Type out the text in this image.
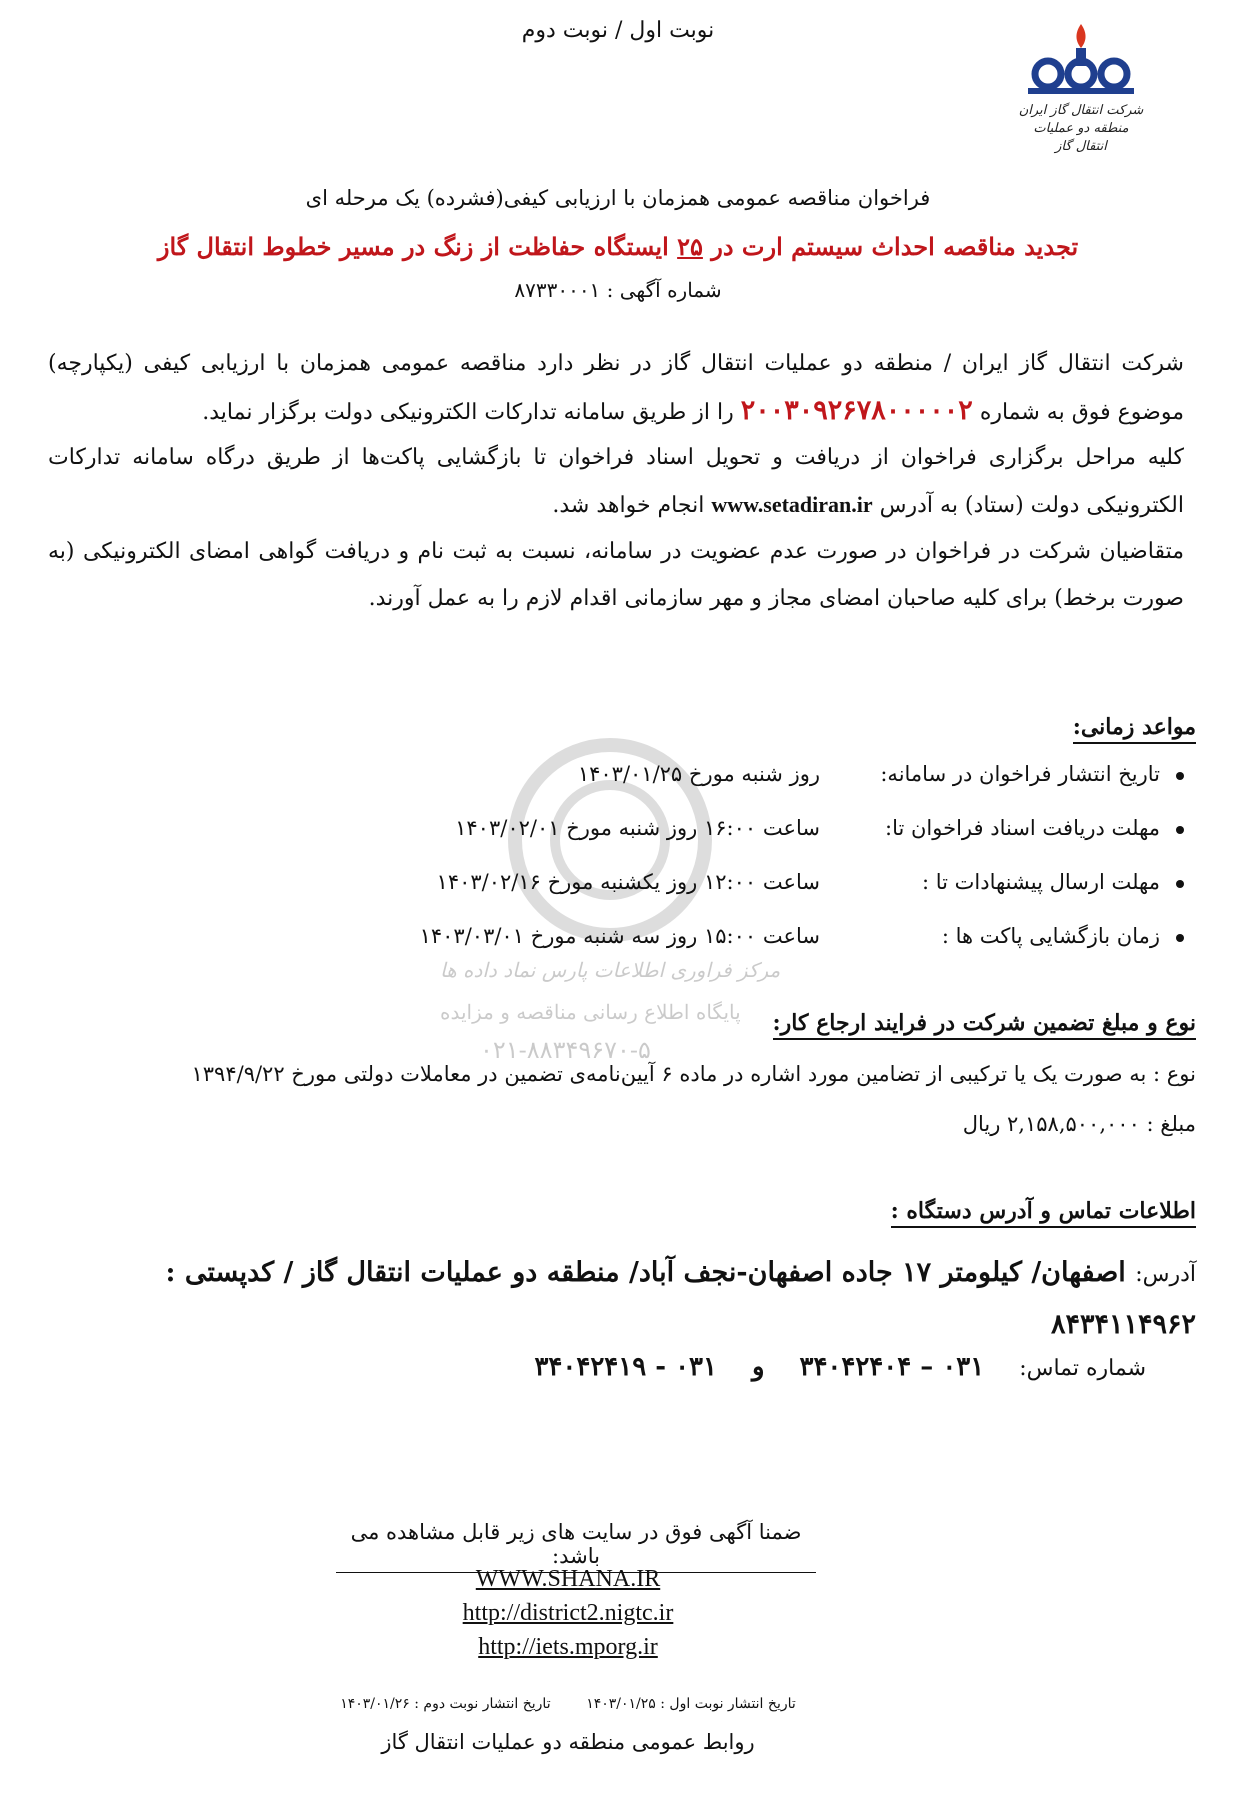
شرکت انتقال گاز ایران
منطقه دو عملیات انتقال گاز
نوبت اول / نوبت دوم
مرکز فراوری اطلاعات پارس نماد داده ها
پایگاه اطلاع رسانی مناقصه و مزایده
۰۲۱-۸۸۳۴۹۶۷۰-۵
فراخوان مناقصه عمومی همزمان با ارزیابی کیفی(فشرده) یک مرحله ای
تجدید مناقصه احداث سیستم ارت در ۲۵ ایستگاه حفاظت از زنگ در مسیر خطوط انتقال گاز
شماره آگهی : ۸۷۳۳۰۰۰۱
شرکت انتقال گاز ایران / منطقه دو عملیات انتقال گاز در نظر دارد مناقصه عمومی همزمان با ارزیابی کیفی (یکپارچه) موضوع فوق به شماره ۲۰۰۳۰۹۲۶۷۸۰۰۰۰۰۲ را از طریق سامانه تدارکات الکترونیکی دولت برگزار نماید.
کلیه مراحل برگزاری فراخوان از دریافت و تحویل اسناد فراخوان تا بازگشایی پاکت‌ها از طریق درگاه سامانه تدارکات الکترونیکی دولت (ستاد) به آدرس www.setadiran.ir انجام خواهد شد.
متقاضیان شرکت در فراخوان در صورت عدم عضویت در سامانه، نسبت به ثبت نام و دریافت گواهی امضای الکترونیکی (به صورت برخط) برای کلیه صاحبان امضای مجاز و مهر سازمانی اقدام لازم را به عمل آورند.
مواعد زمانی:
تاریخ انتشار فراخوان در سامانه:روز شنبه مورخ ۱۴۰۳/۰۱/۲۵
مهلت دریافت اسناد فراخوان تا:ساعت ۱۶:۰۰ روز شنبه مورخ ۱۴۰۳/۰۲/۰۱
مهلت ارسال پیشنهادات تا :ساعت ۱۲:۰۰ روز یکشنبه مورخ ۱۴۰۳/۰۲/۱۶
زمان بازگشایی پاکت ها :ساعت ۱۵:۰۰ روز سه شنبه مورخ ۱۴۰۳/۰۳/۰۱
نوع و مبلغ تضمین شرکت در فرایند ارجاع کار:
نوع : به صورت یک یا ترکیبی از تضامین مورد اشاره در ماده ۶ آیین‌نامه‌ی تضمین در معاملات دولتی مورخ ۱۳۹۴/۹/۲۲
مبلغ : ۲,۱۵۸,۵۰۰,۰۰۰ ریال
اطلاعات تماس و آدرس دستگاه :
آدرس: اصفهان/ کیلومتر ۱۷ جاده اصفهان-نجف آباد/ منطقه دو عملیات انتقال گاز / کدپستی : ۸۴۳۴۱۱۴۹۶۲
شماره تماس:     ۰۳۱ – ۳۴۰۴۲۴۰۴     و     ۰۳۱ - ۳۴۰۴۲۴۱۹
ضمنا آگهی فوق در سایت های زیر قابل مشاهده می باشد:
WWW.SHANA.IR
http://district2.nigtc.ir
http://iets.mporg.ir
تاریخ انتشار نوبت اول : ۱۴۰۳/۰۱/۲۵        تاریخ انتشار نوبت دوم : ۱۴۰۳/۰۱/۲۶
روابط عمومی منطقه دو عملیات انتقال گاز
